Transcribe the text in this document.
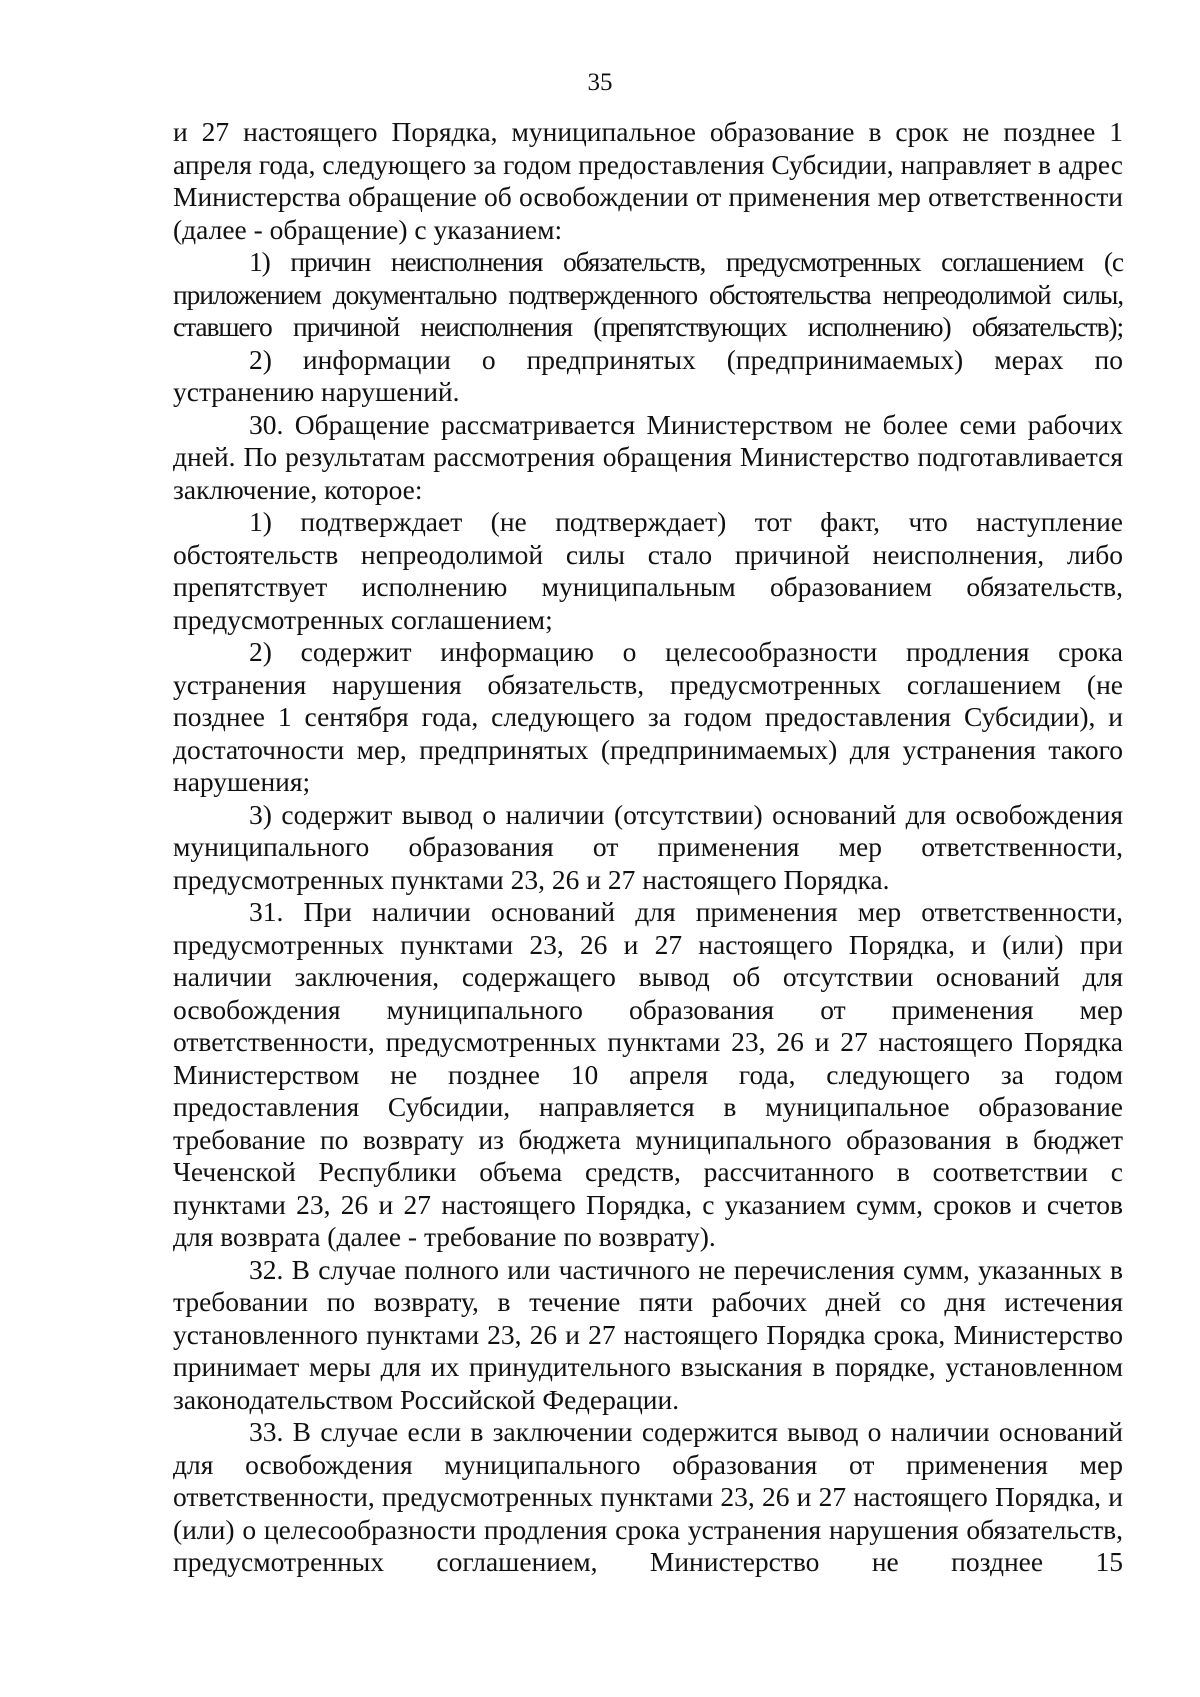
35

и 27 настоящего Порядка, муниципальное образование в срок не позднее 1 апреля года, следующего за годом предоставления Субсидии, направляет в адрес Министерства обращение об освобождении от применения мер ответственности (далее - обращение) с указанием:

1) причин неисполнения обязательств, предусмотренных соглашением (с приложением документально подтвержденного обстоятельства непреодолимой силы, ставшего причиной неисполнения (препятствующих исполнению) обязательств);

2) информации о предпринятых (предпринимаемых) мерах по устранению нарушений.

30. Обращение рассматривается Министерством не более семи рабочих дней. По результатам рассмотрения обращения Министерство подготавливается заключение, которое:

1) подтверждает (не подтверждает) тот факт, что наступление обстоятельств непреодолимой силы стало причиной неисполнения, либо препятствует исполнению муниципальным образованием обязательств, предусмотренных соглашением;

2) содержит информацию о целесообразности продления срока устранения нарушения обязательств, предусмотренных соглашением (не позднее 1 сентября года, следующего за годом предоставления Субсидии), и достаточности мер, предпринятых (предпринимаемых) для устранения такого нарушения;

3) содержит вывод о наличии (отсутствии) оснований для освобождения муниципального образования от применения мер ответственности, предусмотренных пунктами 23, 26 и 27 настоящего Порядка.

31. При наличии оснований для применения мер ответственности, предусмотренных пунктами 23, 26 и 27 настоящего Порядка, и (или) при наличии заключения, содержащего вывод об отсутствии оснований для освобождения муниципального образования от применения мер ответственности, предусмотренных пунктами 23, 26 и 27 настоящего Порядка Министерством не позднее 10 апреля года, следующего за годом предоставления Субсидии, направляется в муниципальное образование требование по возврату из бюджета муниципального образования в бюджет Чеченской Республики объема средств, рассчитанного в соответствии с пунктами 23, 26 и 27 настоящего Порядка, с указанием сумм, сроков и счетов для возврата (далее - требование по возврату).

32. В случае полного или частичного не перечисления сумм, указанных в требовании по возврату, в течение пяти рабочих дней со дня истечения установленного пунктами 23, 26 и 27 настоящего Порядка срока, Министерство принимает меры для их принудительного взыскания в порядке, установленном законодательством Российской Федерации.

33. В случае если в заключении содержится вывод о наличии оснований для освобождения муниципального образования от применения мер ответственности, предусмотренных пунктами 23, 26 и 27 настоящего Порядка, и (или) о целесообразности продления срока устранения нарушения обязательств, предусмотренных соглашением, Министерство не позднее 15
